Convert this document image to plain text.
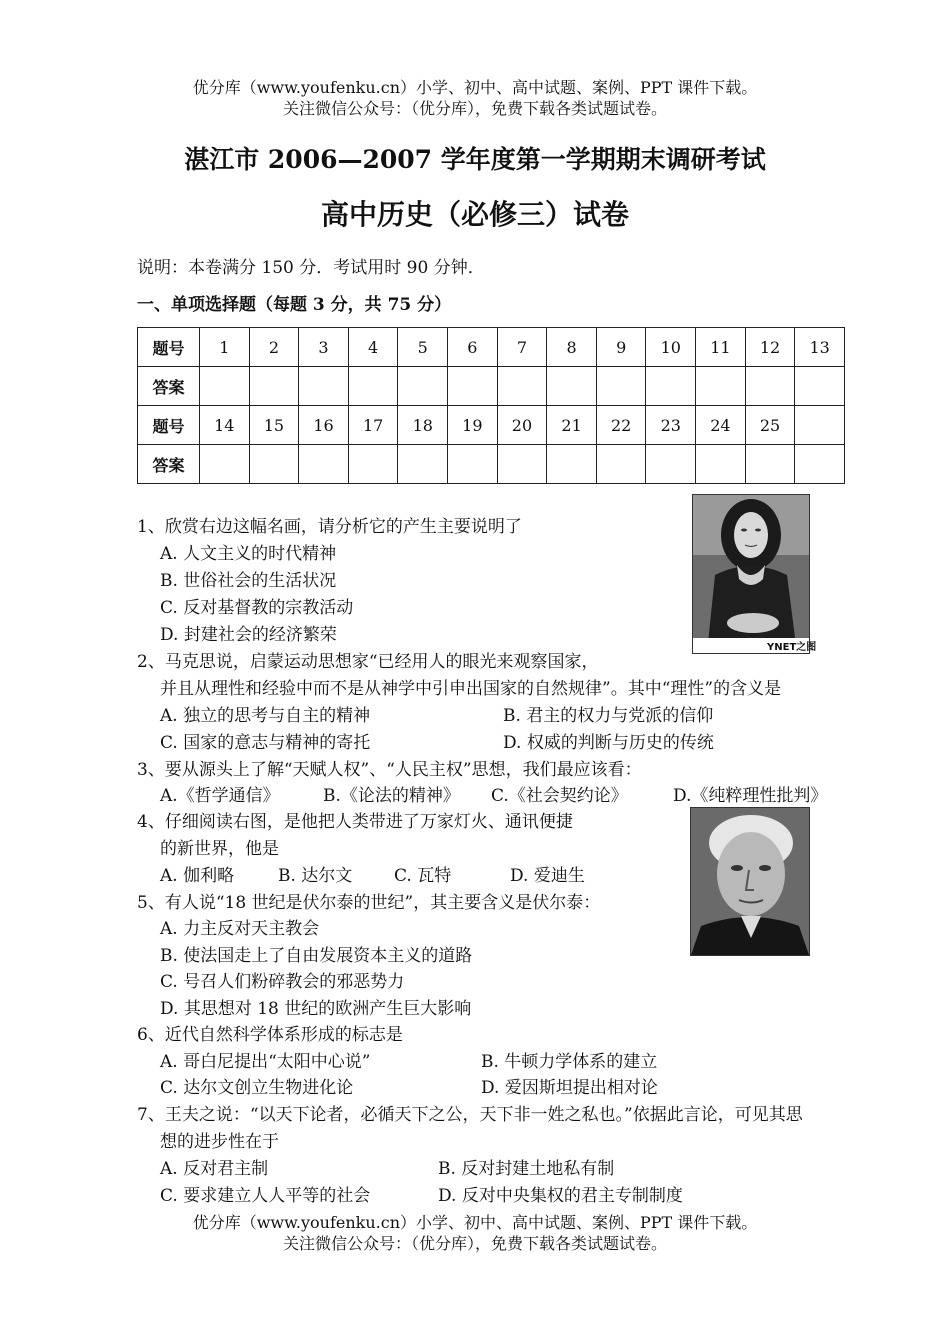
优分库（www.youfenku.cn）小学、初中、高中试题、案例、PPT 课件下载。
关注微信公众号：（优分库），免费下载各类试题试卷。
湛江市 2006—2007 学年度第一学期期末调研考试
高中历史（必修三）试卷
说明：本卷满分 150 分．考试用时 90 分钟．
一、单项选择题（每题 3 分，共 75 分）
题号	1	2	3	4	5	6	7	8	9	10	11	12	13
答案													
题号	14	15	16	17	18	19	20	21	22	23	24	25	
答案													
YNET之图
1、欣赏右边这幅名画，请分析它的产生主要说明了
A. 人文主义的时代精神
B. 世俗社会的生活状况
C. 反对基督教的宗教活动
D. 封建社会的经济繁荣
2、马克思说，启蒙运动思想家“已经用人的眼光来观察国家，
并且从理性和经验中而不是从神学中引申出国家的自然规律”。其中“理性”的含义是
A. 独立的思考与自主的精神	B. 君主的权力与党派的信仰
C. 国家的意志与精神的寄托	D. 权威的判断与历史的传统
3、要从源头上了解“天赋人权”、“人民主权”思想，我们最应该看：
A.《哲学通信》	B.《论法的精神》 C.《社会契约论》	D.《纯粹理性批判》
4、仔细阅读右图，是他把人类带进了万家灯火、通讯便捷
的新世界，他是
A. 伽利略	B. 达尔文 C. 瓦特	D. 爱迪生
5、有人说“18 世纪是伏尔泰的世纪”，其主要含义是伏尔泰：
A. 力主反对天主教会
B. 使法国走上了自由发展资本主义的道路
C. 号召人们粉碎教会的邪恶势力
D. 其思想对 18 世纪的欧洲产生巨大影响
6、近代自然科学体系形成的标志是
A. 哥白尼提出“太阳中心说”	B. 牛顿力学体系的建立
C. 达尔文创立生物进化论	D. 爱因斯坦提出相对论
7、王夫之说：“以天下论者，必循天下之公，天下非一姓之私也。”依据此言论，可见其思
想的进步性在于
A. 反对君主制	B. 反对封建土地私有制
C. 要求建立人人平等的社会	D. 反对中央集权的君主专制制度
优分库（www.youfenku.cn）小学、初中、高中试题、案例、PPT 课件下载。
关注微信公众号：（优分库），免费下载各类试题试卷。
